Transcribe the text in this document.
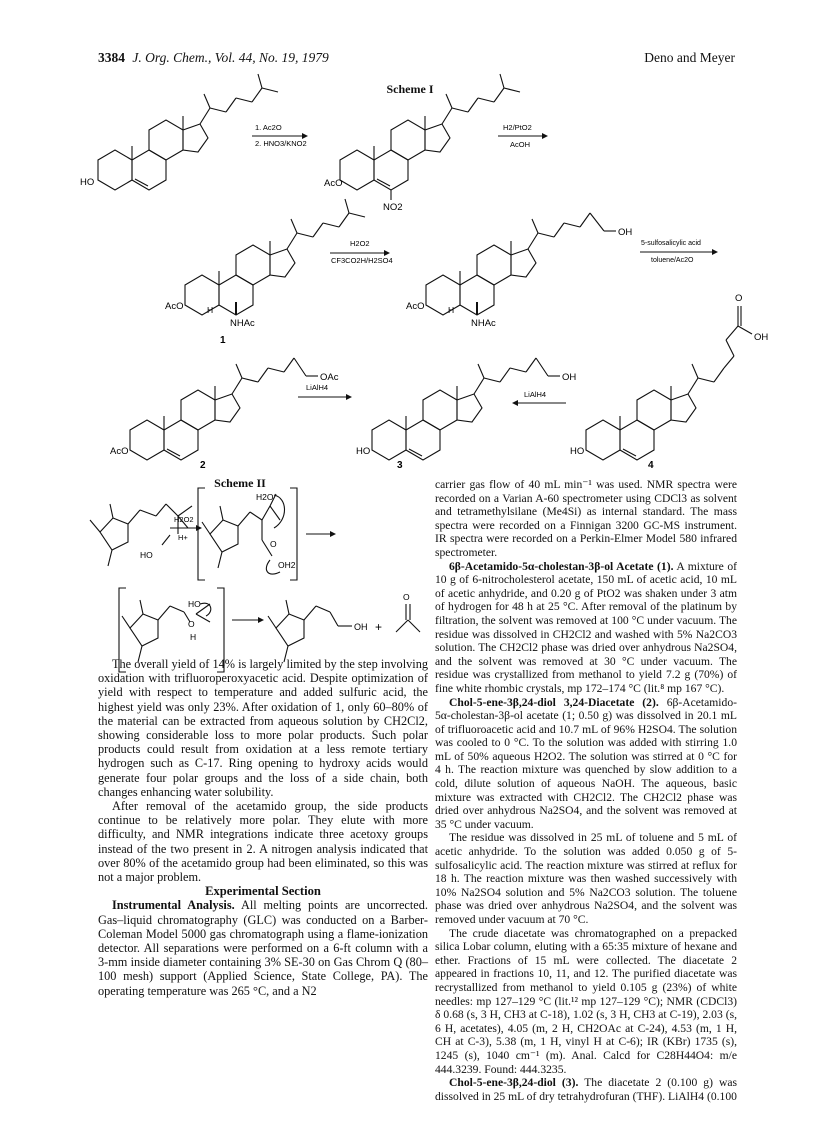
3384 J. Org. Chem., Vol. 44, No. 19, 1979	Deno and Meyer
Scheme I
Scheme II
HO
1. Ac2O
2. HNO3/KNO2
AcO
NO2
H2/PtO2
AcOH
AcO	H
NHAc
1
H2O2
CF3CO2H/H2SO4
OH
AcO	H
NHAc
5-sulfosalicylic acid
toluene/Ac2O
OAc
AcO
2
LiAlH4
OH
HO
3
LiAlH4
O
OH
HO
4
HO
H2O2
H+
H2O
O
OH2
HO
O
H
OH +
O

The overall yield of 14% is largely limited by the step involving oxidation with trifluoroperoxyacetic acid. Despite optimization of yield with respect to temperature and added sulfuric acid, the highest yield was only 23%. After oxidation of 1, only 60–80% of the material can be extracted from aqueous solution by CH2Cl2, showing considerable loss to more polar products. Such polar products could result from oxidation at a less remote tertiary hydrogen such as C-17. Ring opening to hydroxy acids would generate four polar groups and the loss of a side chain, both changes enhancing water solubility.

After removal of the acetamido group, the side products continue to be relatively more polar. They elute with more difficulty, and NMR integrations indicate three acetoxy groups instead of the two present in 2. A nitrogen analysis indicated that over 80% of the acetamido group had been eliminated, so this was not a major problem.

Experimental Section

Instrumental Analysis. All melting points are uncorrected. Gas–liquid chromatography (GLC) was conducted on a Barber-Coleman Model 5000 gas chromatograph using a flame-ionization detector. All separations were performed on a 6-ft column with a 3-mm inside diameter containing 3% SE-30 on Gas Chrom Q (80–100 mesh) support (Applied Science, State College, PA). The operating temperature was 265 °C, and a N2

carrier gas flow of 40 mL min⁻¹ was used. NMR spectra were recorded on a Varian A-60 spectrometer using CDCl3 as solvent and tetramethylsilane (Me4Si) as internal standard. The mass spectra were recorded on a Finnigan 3200 GC-MS instrument. IR spectra were recorded on a Perkin-Elmer Model 580 infrared spectrometer.

6β-Acetamido-5α-cholestan-3β-ol Acetate (1). A mixture of 10 g of 6-nitrocholesterol acetate, 150 mL of acetic acid, 10 mL of acetic anhydride, and 0.20 g of PtO2 was shaken under 3 atm of hydrogen for 48 h at 25 °C. After removal of the platinum by filtration, the solvent was removed at 100 °C under vacuum. The residue was dissolved in CH2Cl2 and washed with 5% Na2CO3 solution. The CH2Cl2 phase was dried over anhydrous Na2SO4, and the solvent was removed at 30 °C under vacuum. The residue was crystallized from methanol to yield 7.2 g (70%) of fine white rhombic crystals, mp 172–174 °C (lit.⁸ mp 167 °C).

Chol-5-ene-3β,24-diol 3,24-Diacetate (2). 6β-Acetamido-5α-cholestan-3β-ol acetate (1; 0.50 g) was dissolved in 20.1 mL of trifluoroacetic acid and 10.7 mL of 96% H2SO4. The solution was cooled to 0 °C. To the solution was added with stirring 1.0 mL of 50% aqueous H2O2. The solution was stirred at 0 °C for 4 h. The reaction mixture was quenched by slow addition to a cold, dilute solution of aqueous NaOH. The aqueous, basic mixture was extracted with CH2Cl2. The CH2Cl2 phase was dried over anhydrous Na2SO4, and the solvent was removed at 35 °C under vacuum.

The residue was dissolved in 25 mL of toluene and 5 mL of acetic anhydride. To the solution was added 0.050 g of 5-sulfosalicylic acid. The reaction mixture was stirred at reflux for 18 h. The reaction mixture was then washed successively with 10% Na2SO4 solution and 5% Na2CO3 solution. The toluene phase was dried over anhydrous Na2SO4, and the solvent was removed under vacuum at 70 °C.

The crude diacetate was chromatographed on a prepacked silica Lobar column, eluting with a 65:35 mixture of hexane and ether. Fractions of 15 mL were collected. The diacetate 2 appeared in fractions 10, 11, and 12. The purified diacetate was recrystallized from methanol to yield 0.105 g (23%) of white needles: mp 127–129 °C (lit.¹² mp 127–129 °C); NMR (CDCl3) δ 0.68 (s, 3 H, CH3 at C-18), 1.02 (s, 3 H, CH3 at C-19), 2.03 (s, 6 H, acetates), 4.05 (m, 2 H, CH2OAc at C-24), 4.53 (m, 1 H, CH at C-3), 5.38 (m, 1 H, vinyl H at C-6); IR (KBr) 1735 (s), 1245 (s), 1040 cm⁻¹ (m). Anal. Calcd for C28H44O4: m/e 444.3239. Found: 444.3235.

Chol-5-ene-3β,24-diol (3). The diacetate 2 (0.100 g) was dissolved in 25 mL of dry tetrahydrofuran (THF). LiAlH4 (0.100
